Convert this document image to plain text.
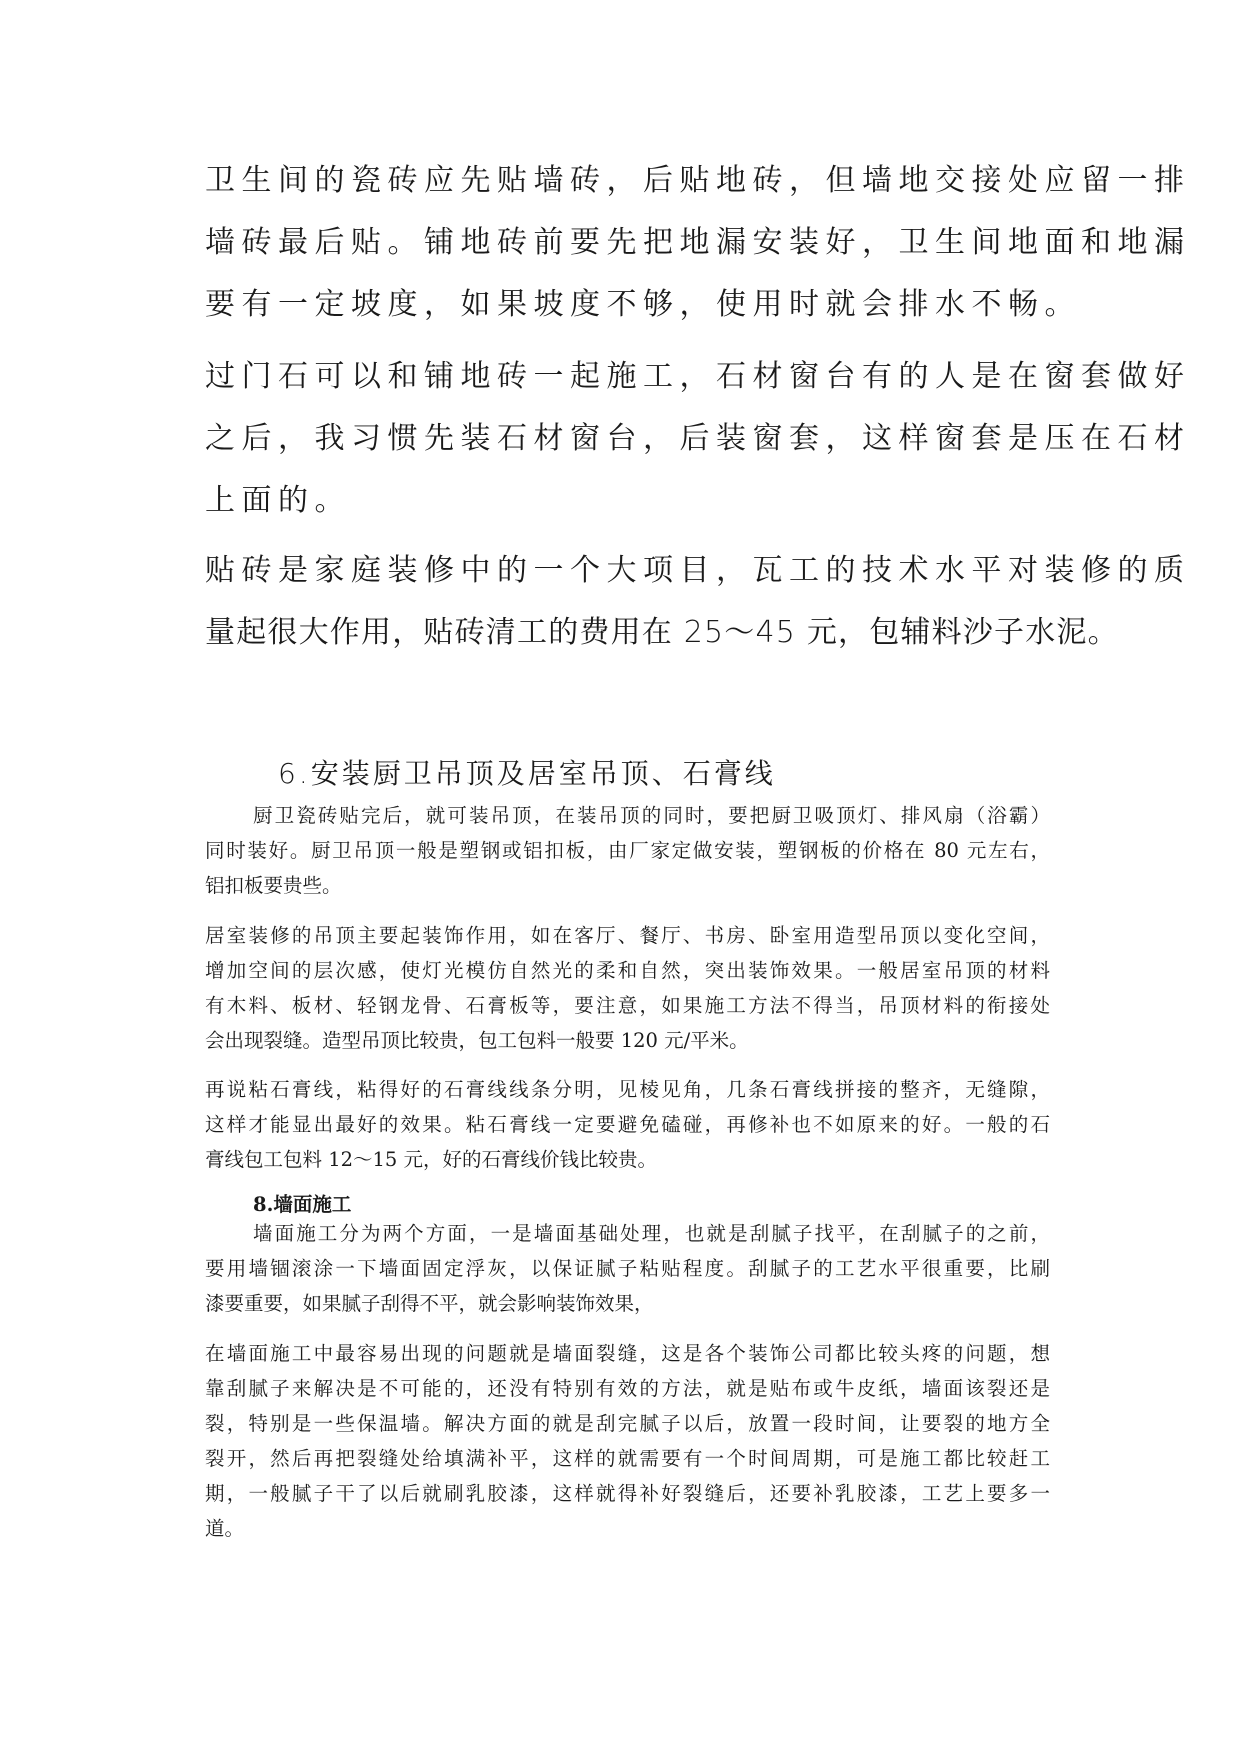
卫生间的瓷砖应先贴墙砖，后贴地砖，但墙地交接处应留一排
墙砖最后贴。铺地砖前要先把地漏安装好，卫生间地面和地漏
要有一定坡度，如果坡度不够，使用时就会排水不畅。
过门石可以和铺地砖一起施工，石材窗台有的人是在窗套做好
之后，我习惯先装石材窗台，后装窗套，这样窗套是压在石材
上面的。
贴砖是家庭装修中的一个大项目，瓦工的技术水平对装修的质
量起很大作用，贴砖清工的费用在 25～45 元，包辅料沙子水泥。
6.安装厨卫吊顶及居室吊顶、石膏线
厨卫瓷砖贴完后，就可装吊顶，在装吊顶的同时，要把厨卫吸顶灯、排风扇（浴霸）
同时装好。厨卫吊顶一般是塑钢或铝扣板，由厂家定做安装，塑钢板的价格在 80 元左右，
铝扣板要贵些。
居室装修的吊顶主要起装饰作用，如在客厅、餐厅、书房、卧室用造型吊顶以变化空间，
增加空间的层次感，使灯光模仿自然光的柔和自然，突出装饰效果。一般居室吊顶的材料
有木料、板材、轻钢龙骨、石膏板等，要注意，如果施工方法不得当，吊顶材料的衔接处
会出现裂缝。造型吊顶比较贵，包工包料一般要 120 元/平米。
再说粘石膏线，粘得好的石膏线线条分明，见棱见角，几条石膏线拼接的整齐，无缝隙，
这样才能显出最好的效果。粘石膏线一定要避免磕碰，再修补也不如原来的好。一般的石
膏线包工包料 12～15 元，好的石膏线价钱比较贵。
8.墙面施工
墙面施工分为两个方面，一是墙面基础处理，也就是刮腻子找平，在刮腻子的之前，
要用墙锢滚涂一下墙面固定浮灰，以保证腻子粘贴程度。刮腻子的工艺水平很重要，比刷
漆要重要，如果腻子刮得不平，就会影响装饰效果，
在墙面施工中最容易出现的问题就是墙面裂缝，这是各个装饰公司都比较头疼的问题，想
靠刮腻子来解决是不可能的，还没有特别有效的方法，就是贴布或牛皮纸，墙面该裂还是
裂，特别是一些保温墙。解决方面的就是刮完腻子以后，放置一段时间，让要裂的地方全
裂开，然后再把裂缝处给填满补平，这样的就需要有一个时间周期，可是施工都比较赶工
期，一般腻子干了以后就刷乳胶漆，这样就得补好裂缝后，还要补乳胶漆，工艺上要多一
道。
